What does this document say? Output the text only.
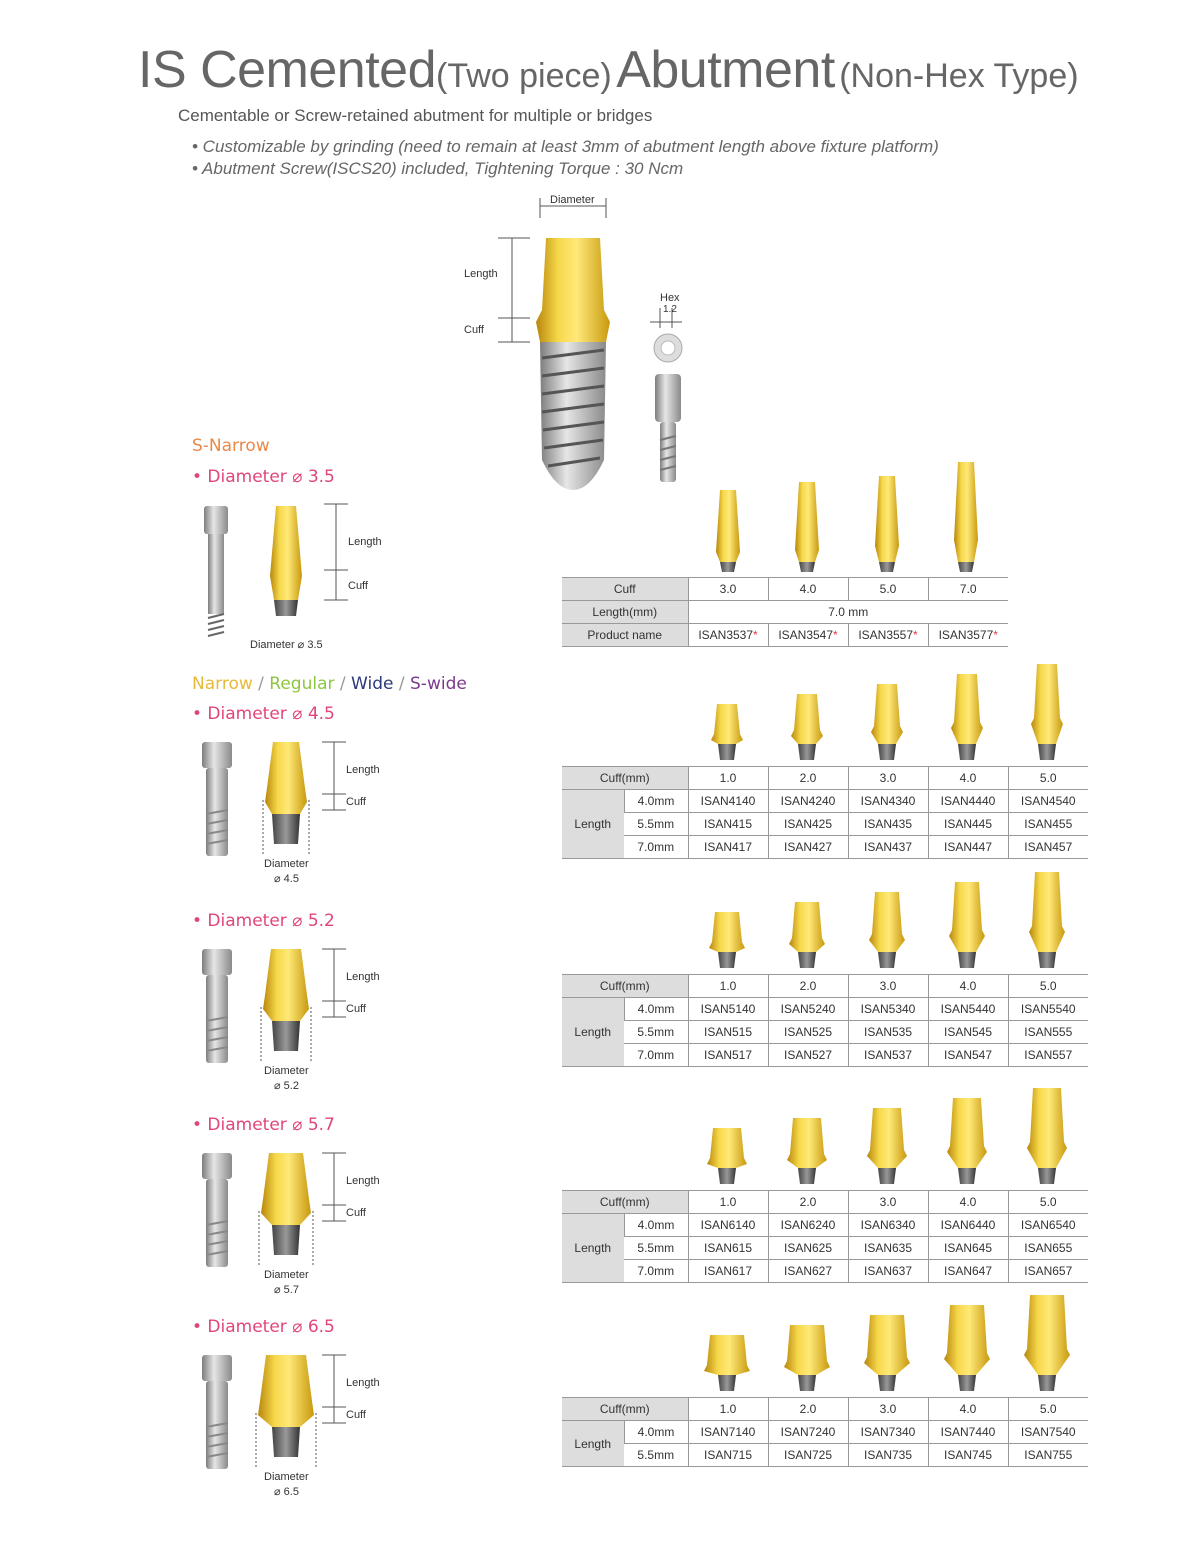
IS Cemented(Two piece) Abutment (Non-Hex Type)
Cementable or Screw-retained abutment for multiple or bridges
• Customizable by grinding (need to remain at least 3mm of abutment length above fixture platform)
• Abutment Screw(ISCS20) included, Tightening Torque : 30 Ncm
Diameter
Length
Cuff
Hex
1.2
S-Narrow
• Diameter ⌀ 3.5
Length
Cuff
Diameter ⌀ 3.5
Cuff	3.0	4.0	5.0	7.0
Length(mm)	7.0 mm			
Product name	ISAN3537*	ISAN3547*	ISAN3557*	ISAN3577*
Narrow / Regular / Wide / S-wide
• Diameter ⌀ 4.5
Length
Cuff
Diameter
⌀ 4.5
Cuff(mm)		1.0	2.0	3.0	4.0	5.0
Length	4.0mm	ISAN4140	ISAN4240	ISAN4340	ISAN4440	ISAN4540
	5.5mm	ISAN415	ISAN425	ISAN435	ISAN445	ISAN455
	7.0mm	ISAN417	ISAN427	ISAN437	ISAN447	ISAN457
• Diameter ⌀ 5.2
Length
Cuff
Diameter
⌀ 5.2
Cuff(mm)		1.0	2.0	3.0	4.0	5.0
Length	4.0mm	ISAN5140	ISAN5240	ISAN5340	ISAN5440	ISAN5540
	5.5mm	ISAN515	ISAN525	ISAN535	ISAN545	ISAN555
	7.0mm	ISAN517	ISAN527	ISAN537	ISAN547	ISAN557
• Diameter ⌀ 5.7
Length
Cuff
Diameter
⌀ 5.7
Cuff(mm)		1.0	2.0	3.0	4.0	5.0
Length	4.0mm	ISAN6140	ISAN6240	ISAN6340	ISAN6440	ISAN6540
	5.5mm	ISAN615	ISAN625	ISAN635	ISAN645	ISAN655
	7.0mm	ISAN617	ISAN627	ISAN637	ISAN647	ISAN657
• Diameter ⌀ 6.5
Length
Cuff
Diameter
⌀ 6.5
Cuff(mm)		1.0	2.0	3.0	4.0	5.0
Length	4.0mm	ISAN7140	ISAN7240	ISAN7340	ISAN7440	ISAN7540
	5.5mm	ISAN715	ISAN725	ISAN735	ISAN745	ISAN755
